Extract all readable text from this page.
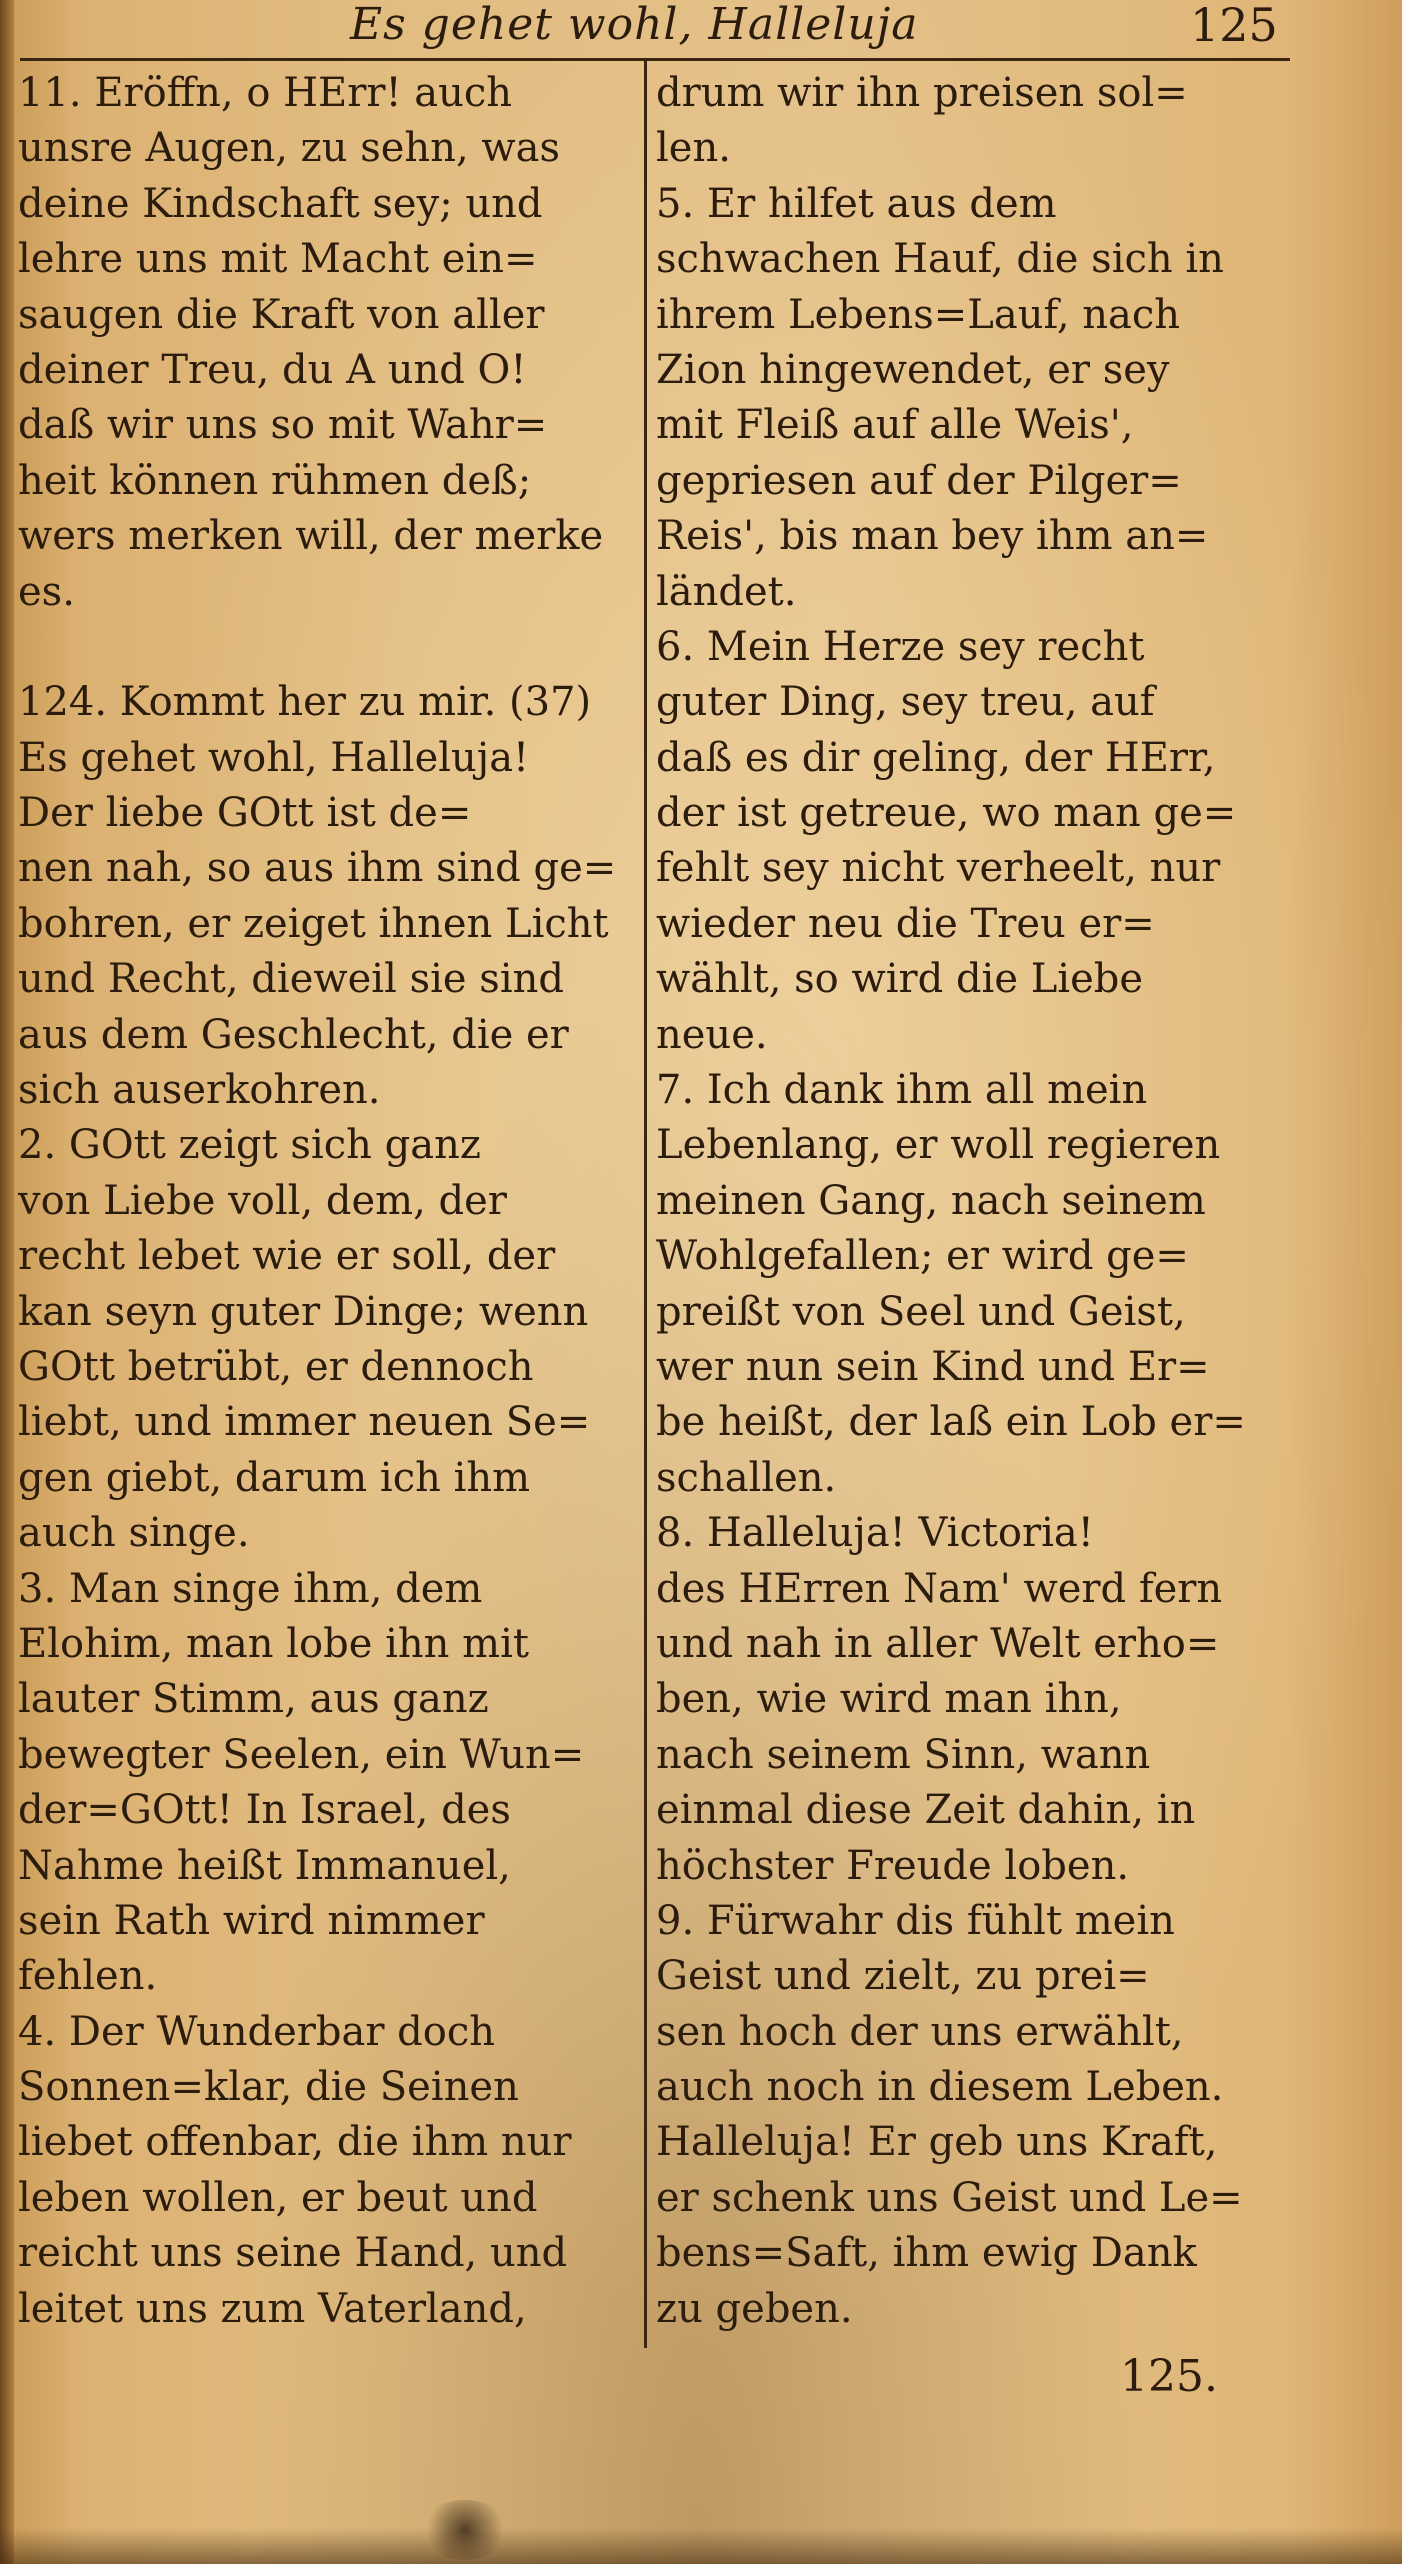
Es gehet wohl, Halleluja	125
11. Eröffn, o HErr! auch
unsre Augen, zu sehn, was
deine Kindschaft sey; und
lehre uns mit Macht ein=
saugen die Kraft von aller
deiner Treu, du A und O!
daß wir uns so mit Wahr=
heit können rühmen deß;
wers merken will, der merke
es.
124. Kommt her zu mir. (37)
Es gehet wohl, Halleluja!
Der liebe GOtt ist de=
nen nah, so aus ihm sind ge=
bohren, er zeiget ihnen Licht
und Recht, dieweil sie sind
aus dem Geschlecht, die er
sich auserkohren.
2. GOtt zeigt sich ganz
von Liebe voll, dem, der
recht lebet wie er soll, der
kan seyn guter Dinge; wenn
GOtt betrübt, er dennoch
liebt, und immer neuen Se=
gen giebt, darum ich ihm
auch singe.
3. Man singe ihm, dem
Elohim, man lobe ihn mit
lauter Stimm, aus ganz
bewegter Seelen, ein Wun=
der=GOtt! In Israel, des
Nahme heißt Immanuel,
sein Rath wird nimmer
fehlen.
4. Der Wunderbar doch
Sonnen=klar, die Seinen
liebet offenbar, die ihm nur
leben wollen, er beut und
reicht uns seine Hand, und
leitet uns zum Vaterland,
drum wir ihn preisen sol=
len.
5. Er hilfet aus dem
schwachen Hauf, die sich in
ihrem Lebens=Lauf, nach
Zion hingewendet, er sey
mit Fleiß auf alle Weis',
gepriesen auf der Pilger=
Reis', bis man bey ihm an=
ländet.
6. Mein Herze sey recht
guter Ding, sey treu, auf
daß es dir geling, der HErr,
der ist getreue, wo man ge=
fehlt sey nicht verheelt, nur
wieder neu die Treu er=
wählt, so wird die Liebe
neue.
7. Ich dank ihm all mein
Lebenlang, er woll regieren
meinen Gang, nach seinem
Wohlgefallen; er wird ge=
preißt von Seel und Geist,
wer nun sein Kind und Er=
be heißt, der laß ein Lob er=
schallen.
8. Halleluja! Victoria!
des HErren Nam' werd fern
und nah in aller Welt erho=
ben, wie wird man ihn,
nach seinem Sinn, wann
einmal diese Zeit dahin, in
höchster Freude loben.
9. Fürwahr dis fühlt mein
Geist und zielt, zu prei=
sen hoch der uns erwählt,
auch noch in diesem Leben.
Halleluja! Er geb uns Kraft,
er schenk uns Geist und Le=
bens=Saft, ihm ewig Dank
zu geben.
125.
